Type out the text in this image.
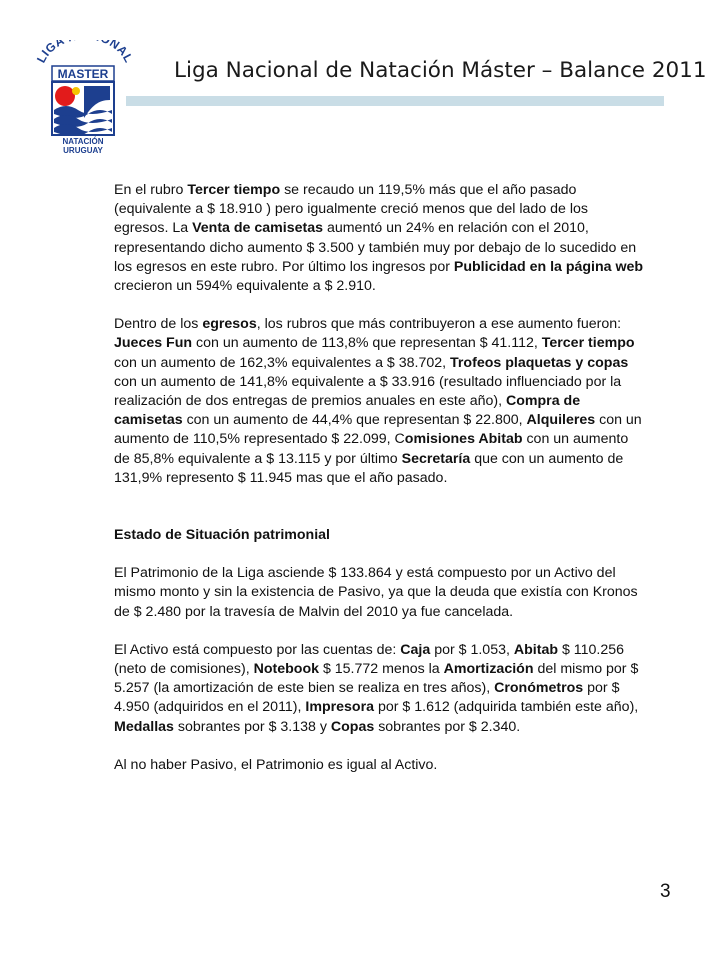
IGA NA
MASTER
NATACIÓN
URUGUAY
Liga Nacional de Natación Máster – Balance 2011

En el rubro Tercer tiempo se recaudo un 119,5% más que el año pasado (equivalente a $ 18.910 ) pero igualmente creció menos que del lado de los egresos. La Venta de camisetas aumentó un 24% en relación con el 2010, representando dicho aumento $ 3.500 y también muy por debajo de lo sucedido en los egresos en este rubro. Por último los ingresos por Publicidad en la página web crecieron un 594% equivalente a $ 2.910.

Dentro de los egresos, los rubros que más contribuyeron a ese aumento fueron: Jueces Fun con un aumento de 113,8% que representan $ 41.112, Tercer tiempo con un aumento de 162,3% equivalentes a $ 38.702, Trofeos plaquetas y copas con un aumento de 141,8% equivalente a $ 33.916 (resultado influenciado por la realización de dos entregas de premios anuales en este año), Compra de camisetas con un aumento de 44,4% que representan $ 22.800, Alquileres con un aumento de 110,5% representado $ 22.099, Comisiones Abitab con un aumento de 85,8% equivalente a $ 13.115 y por último Secretaría que con un aumento de 131,9% represento $ 11.945 mas que el año pasado.

Estado de Situación patrimonial

El Patrimonio de la Liga asciende $ 133.864 y está compuesto por un Activo del mismo monto y sin la existencia de Pasivo, ya que la deuda que existía con Kronos de $ 2.480 por la travesía de Malvin del 2010 ya fue cancelada.

El Activo está compuesto por las cuentas de: Caja por $ 1.053, Abitab $ 110.256 (neto de comisiones), Notebook $ 15.772 menos la Amortización del mismo por $ 5.257 (la amortización de este bien se realiza en tres años), Cronómetros por $ 4.950 (adquiridos en el 2011), Impresora por $ 1.612 (adquirida también este año), Medallas sobrantes por $ 3.138 y Copas sobrantes por $ 2.340.

Al no haber Pasivo, el Patrimonio es igual al Activo.

3
